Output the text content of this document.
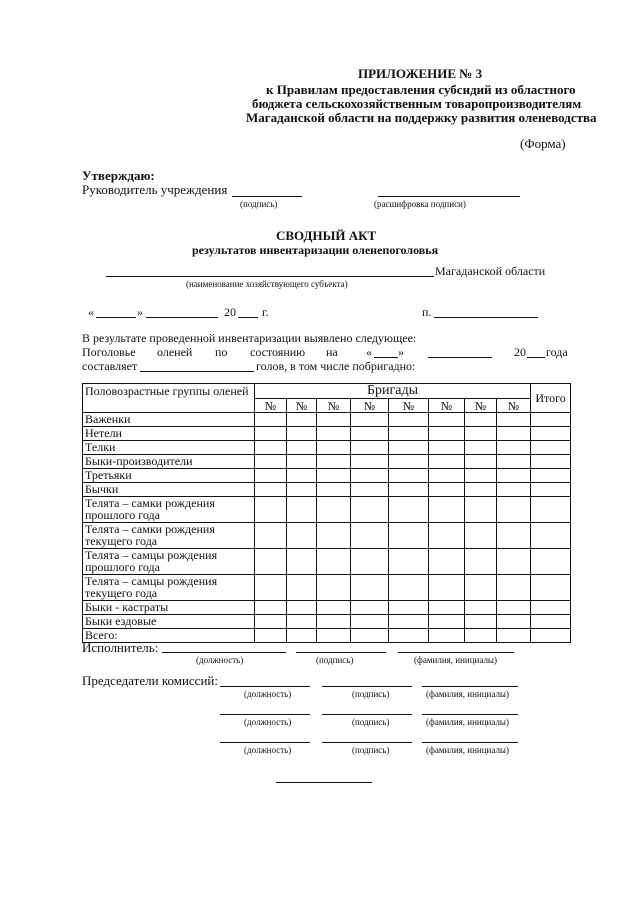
ПРИЛОЖЕНИЕ № 3
к Правилам предоставления субсидий из областного
бюджета сельскохозяйственным товаропроизводителям
Магаданской области на поддержку развития оленеводства
(Форма)
Утверждаю:
Руководитель учреждения
(подпись)	(расшифровка подписи)
СВОДНЫЙ АКТ
результатов инвентаризации оленепоголовья
Магаданской области
(наименование хозяйствующего субъекта)
«	»	20 г.	п.
В результате проведенной инвентаризации выявлено следующее:
Поголовье оленей по состоянию на « »	20 года
составляет	голов, в том числе побригадно:
Половозрастные группы оленей	Бригады								Итого
	№	№	№	№	№	№	№	№	
Важенки									
Нетели									
Телки									
Быки-производители									
Третьяки									
Бычки									
Телята – самки рождения прошлого года									
Телята – самки рождения текущего года									
Телята – самцы рождения прошлого года									
Телята – самцы рождения текущего года									
Быки - кастраты									
Быки ездовые									
Всего:									
Исполнитель:
(должность)	(подпись)	(фамилия, инициалы)
Председатели комиссий:
(должность)	(подпись)	(фамилия, инициалы)
(должность)	(подпись)	(фамилия, инициалы)
(должность)	(подпись)	(фамилия, инициалы)
